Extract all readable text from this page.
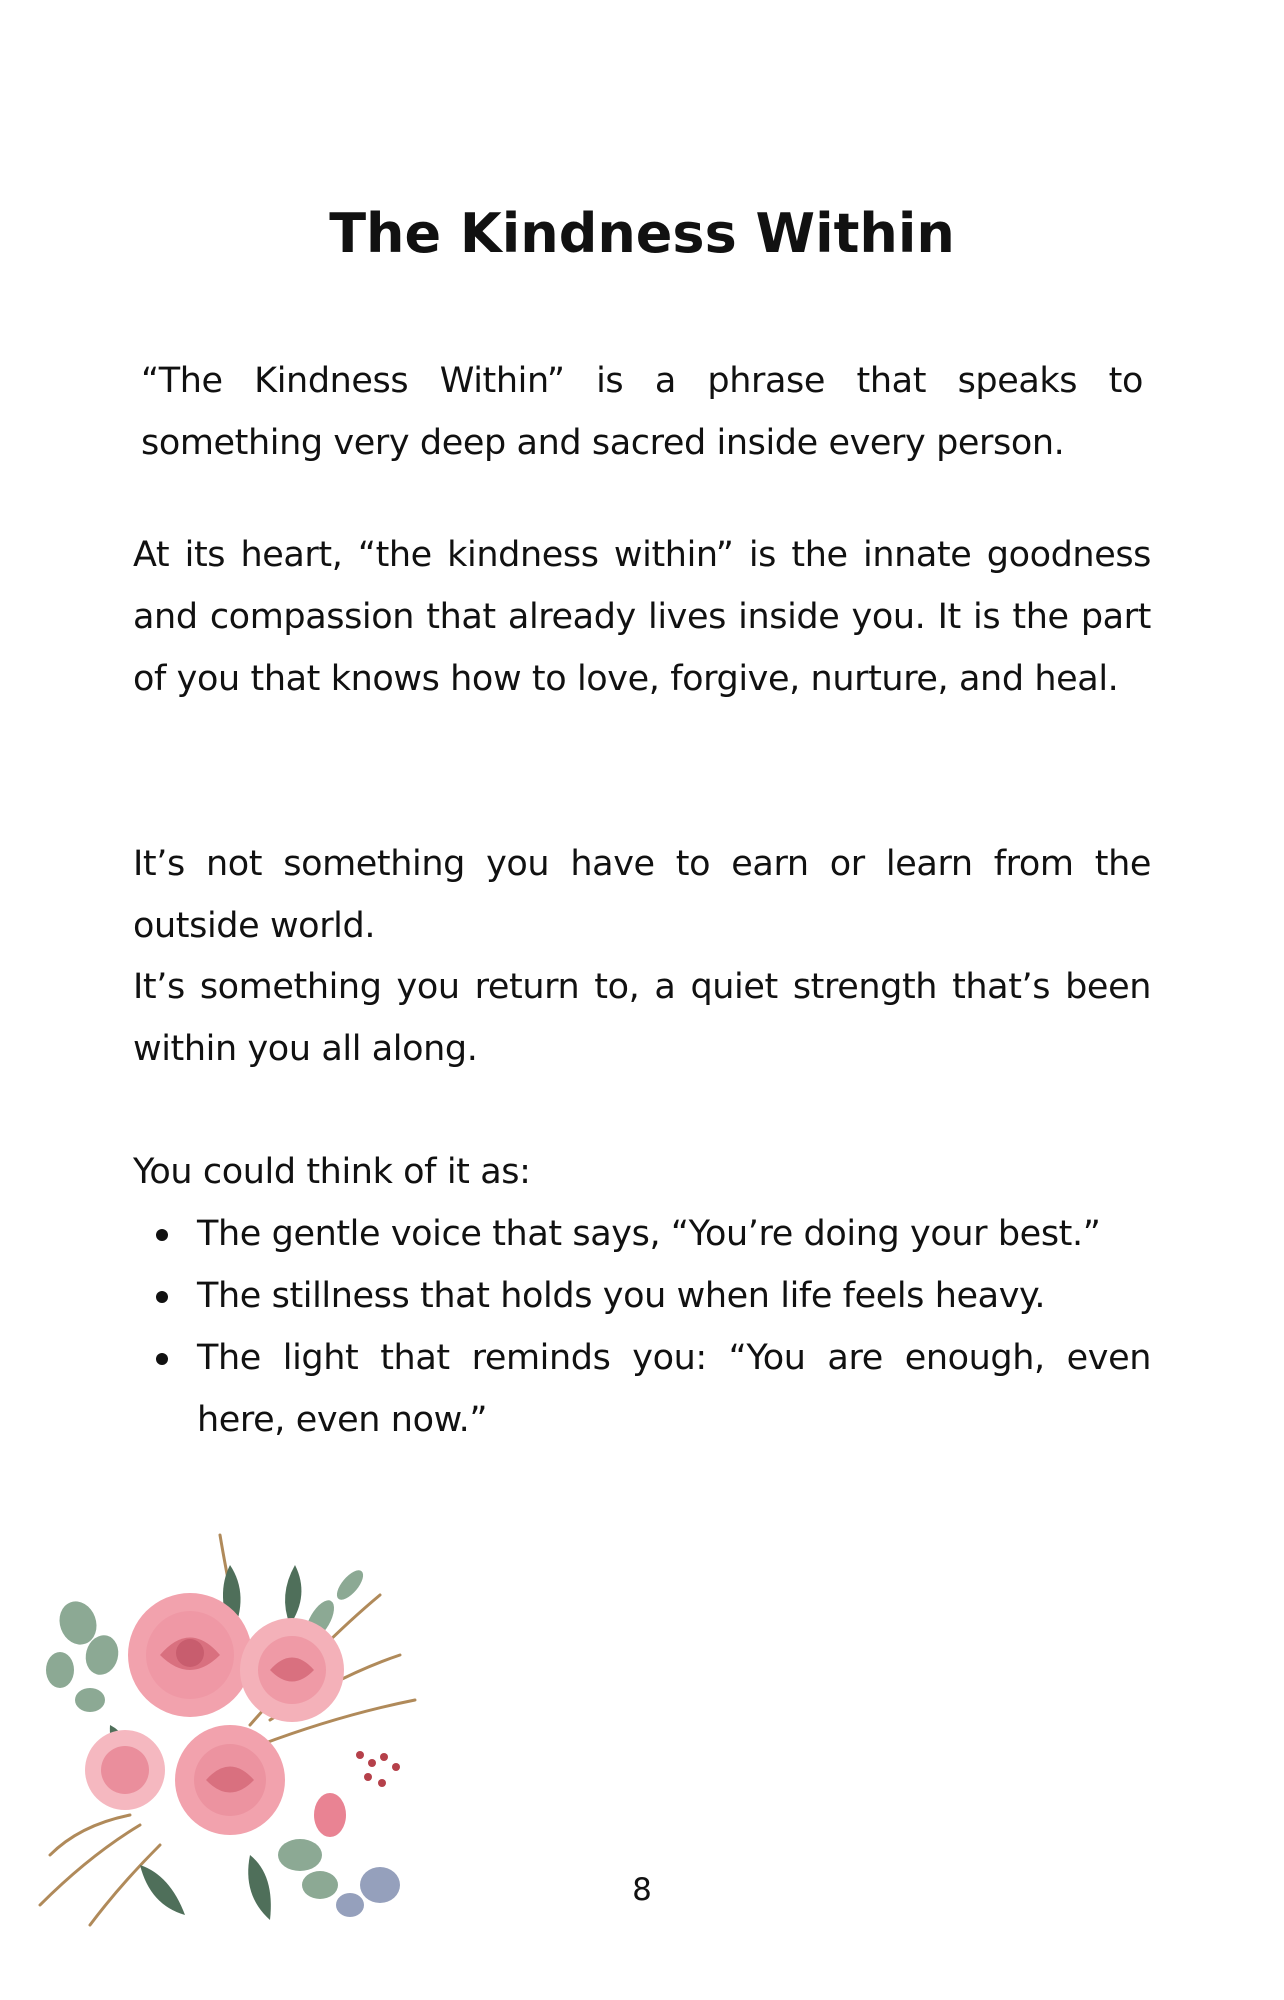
The Kindness Within

“The Kindness Within” is a phrase that speaks to something very deep and sacred inside every person.

At its heart, “the kindness within” is the innate goodness and compassion that already lives inside you. It is the part of you that knows how to love, forgive, nurture, and heal.

It’s not something you have to earn or learn from the outside world.

It’s something you return to, a quiet strength that’s been within you all along.

You could think of it as:

The gentle voice that says, “You’re doing your best.”
The stillness that holds you when life feels heavy.
The light that reminds you: “You are enough, even here, even now.”

8
